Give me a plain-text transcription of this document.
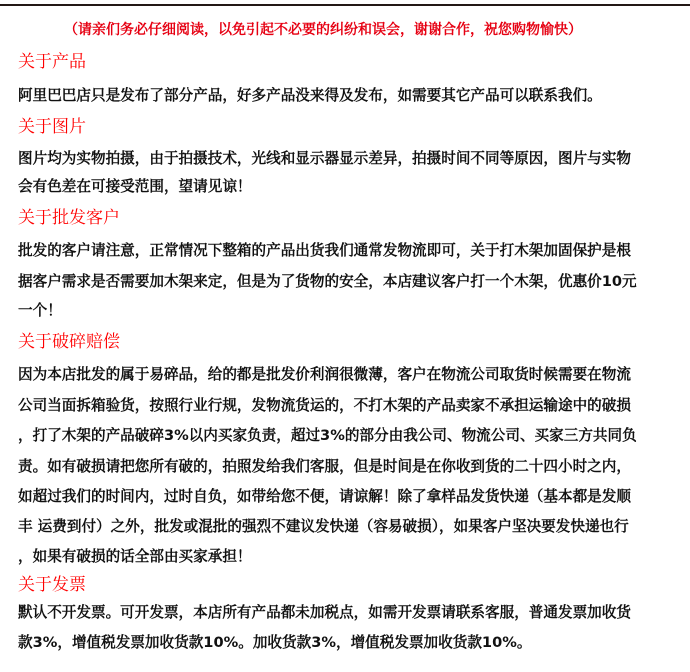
（请亲们务必仔细阅读，以免引起不必要的纠纷和误会，谢谢合作，祝您购物愉快）
关于产品
阿里巴巴店只是发布了部分产品，好多产品没来得及发布，如需要其它产品可以联系我们。
关于图片
图片均为实物拍摄，由于拍摄技术，光线和显示器显示差异，拍摄时间不同等原因，图片与实物
会有色差在可接受范围，望请见谅！
关于批发客户
批发的客户请注意，正常情况下整箱的产品出货我们通常发物流即可，关于打木架加固保护是根
据客户需求是否需要加木架来定，但是为了货物的安全，本店建议客户打一个木架，优惠价10元
一个！
关于破碎赔偿
因为本店批发的属于易碎品，给的都是批发价利润很微薄，客户在物流公司取货时候需要在物流
公司当面拆箱验货，按照行业行规，发物流货运的，不打木架的产品卖家不承担运输途中的破损
，打了木架的产品破碎3%以内买家负责，超过3%的部分由我公司、物流公司、买家三方共同负
责。如有破损请把您所有破的，拍照发给我们客服，但是时间是在你收到货的二十四小时之内，
如超过我们的时间内，过时自负，如带给您不便，请谅解！除了拿样品发货快递（基本都是发顺
丰 运费到付）之外，批发或混批的强烈不建议发快递（容易破损），如果客户坚决要发快递也行
，如果有破损的话全部由买家承担！
关于发票
默认不开发票。可开发票，本店所有产品都未加税点，如需开发票请联系客服，普通发票加收货
款3%，增值税发票加收货款10%。加收货款3%，增值税发票加收货款10%。
